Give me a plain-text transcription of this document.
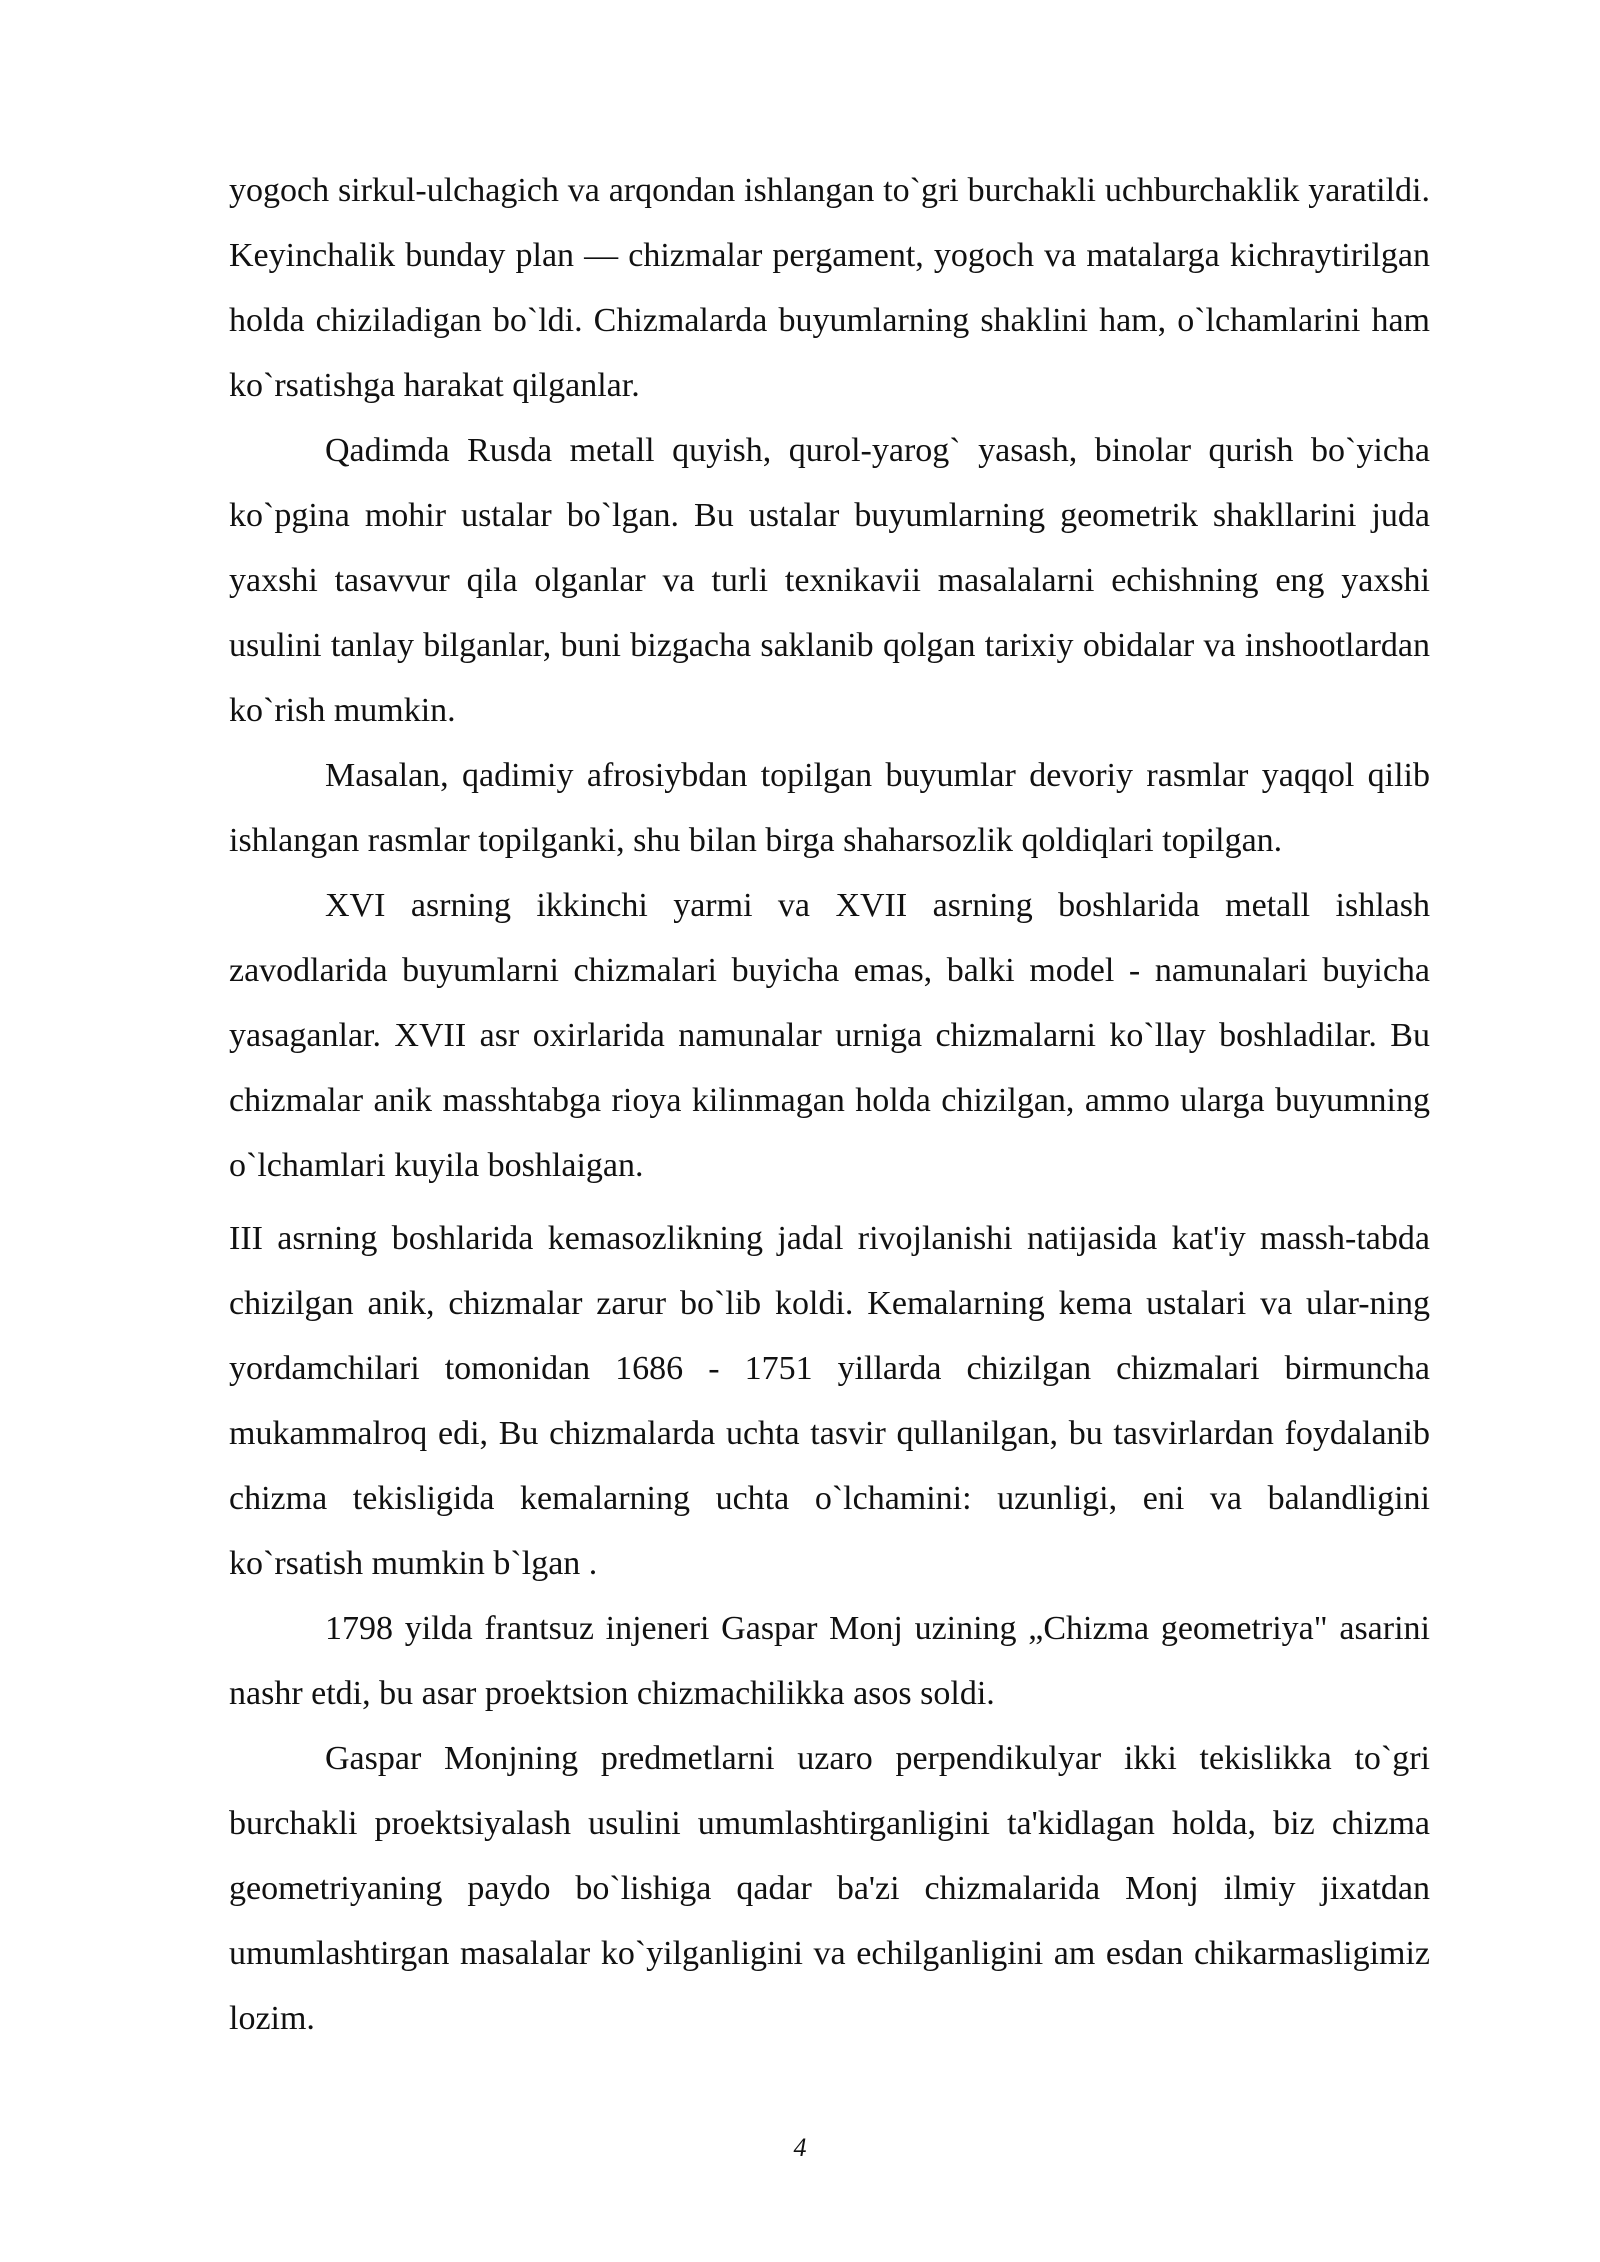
yogoch sirkul-ulchagich va arqondan ishlangan to`gri burchakli uchburchaklik yaratildi. Keyinchalik bunday plan — chizmalar pergament, yogoch va matalarga kichraytirilgan holda chiziladigan bo`ldi. Chizmalarda buyumlarning shaklini ham, o`lchamlarini ham ko`rsatishga harakat qilganlar.

Qadimda Rusda metall quyish, qurol-yarog` yasash, binolar qurish bo`yicha ko`pgina mohir ustalar bo`lgan. Bu ustalar buyumlarning geometrik shakllarini juda yaxshi tasavvur qila olganlar va turli texnikavii masalalarni echishning eng yaxshi usulini tanlay bilganlar, buni bizgacha saklanib qolgan tarixiy obidalar va inshootlardan ko`rish mumkin.

Masalan, qadimiy afrosiybdan topilgan buyumlar devoriy rasmlar yaqqol qilib ishlangan rasmlar topilganki, shu bilan birga shaharsozlik qoldiqlari topilgan.

XVI asrning ikkinchi yarmi va XVII asrning boshlarida metall ishlash zavodlarida buyumlarni chizmalari buyicha emas, balki model - namunalari buyicha yasaganlar. XVII asr oxirlarida namunalar urniga chizmalarni ko`llay boshladilar. Bu chizmalar anik masshtabga rioya kilinmagan holda chizilgan, ammo ularga buyumning o`lchamlari kuyila boshlaigan.

III asrning boshlarida kemasozlikning jadal rivojlanishi natijasida kat'iy massh-tabda chizilgan anik, chizmalar zarur bo`lib koldi. Kemalarning kema ustalari va ular-ning yordamchilari tomonidan 1686 - 1751 yillarda chizilgan chizmalari birmuncha mukammalroq edi, Bu chizmalarda uchta tasvir qullanilgan, bu tasvirlardan foydalanib chizma tekisligida kemalarning uchta o`lchamini: uzunligi, eni va balandligini ko`rsatish mumkin b`lgan .

1798 yilda frantsuz injeneri Gaspar Monj uzining „Chizma geometriya" asarini nashr etdi, bu asar proektsion chizmachilikka asos soldi.

Gaspar Monjning predmetlarni uzaro perpendikulyar ikki tekislikka to`gri burchakli proektsiyalash usulini umumlashtirganligini ta'kidlagan holda, biz chizma geometriyaning paydo bo`lishiga qadar ba'zi chizmalarida Monj ilmiy jixatdan umumlashtirgan masalalar ko`yilganligini va echilganligini am esdan chikarmasligimiz lozim.

4
